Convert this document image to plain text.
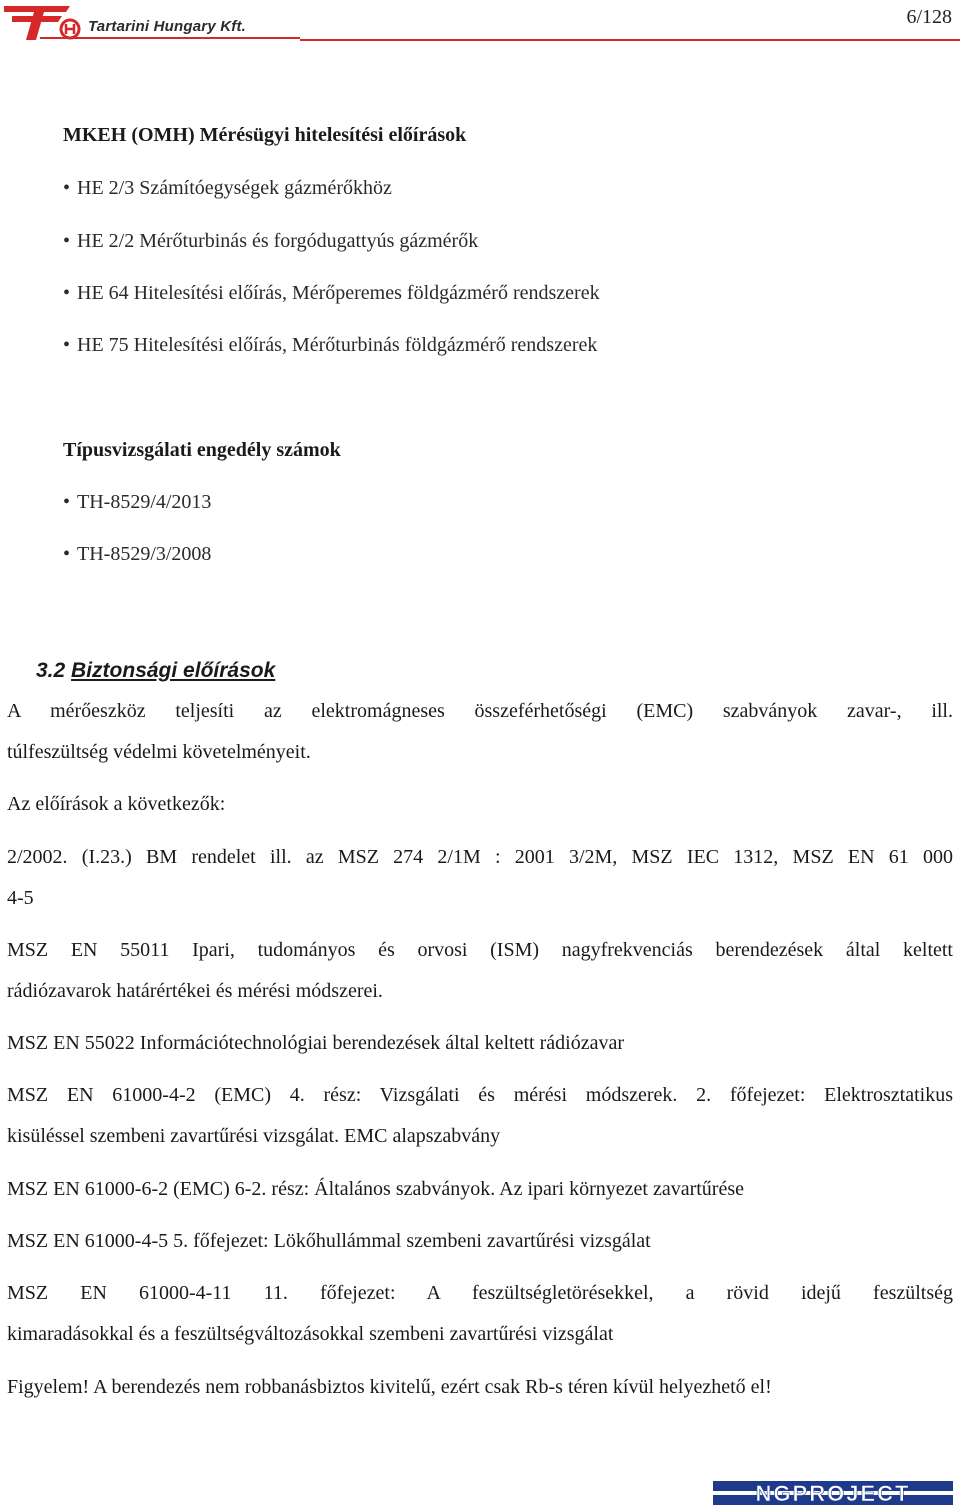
Tartarini Hungary Kft.	6/128
MKEH (OMH) Mérésügyi hitelesítési előírások
• HE 2/3 Számítóegységek gázmérőkhöz
• HE 2/2 Mérőturbinás és forgódugattyús gázmérők
• HE 64 Hitelesítési előírás, Mérőperemes földgázmérő rendszerek
• HE 75 Hitelesítési előírás, Mérőturbinás földgázmérő rendszerek
Típusvizsgálati engedély számok
• TH-8529/4/2013
• TH-8529/3/2008
3.2 Biztonsági előírások
A mérőeszköz teljesíti az elektromágneses összeférhetőségi (EMC) szabványok zavar-, ill.
túlfeszültség védelmi követelményeit.
Az előírások a következők:
2/2002. (I.23.) BM rendelet ill. az MSZ 274 2/1M : 2001 3/2M, MSZ IEC 1312, MSZ EN 61 000
4-5
MSZ EN 55011 Ipari, tudományos és orvosi (ISM) nagyfrekvenciás berendezések által keltett
rádiózavarok határértékei és mérési módszerei.
MSZ EN 55022 Információtechnológiai berendezések által keltett rádiózavar
MSZ EN 61000-4-2 (EMC) 4. rész: Vizsgálati és mérési módszerek. 2. főfejezet: Elektrosztatikus
kisüléssel szembeni zavartűrési vizsgálat. EMC alapszabvány
MSZ EN 61000-6-2 (EMC) 6-2. rész: Általános szabványok. Az ipari környezet zavartűrése
MSZ EN 61000-4-5 5. főfejezet: Lökőhullámmal szembeni zavartűrési vizsgálat
MSZ EN 61000-4-11 11. főfejezet: A feszültségletörésekkel, a rövid idejű feszültség
kimaradásokkal és a feszültségváltozásokkal szembeni zavartűrési vizsgálat
Figyelem! A berendezés nem robbanásbiztos kivitelű, ezért csak Rb-s téren kívül helyezhető el!
NGPROJECT
